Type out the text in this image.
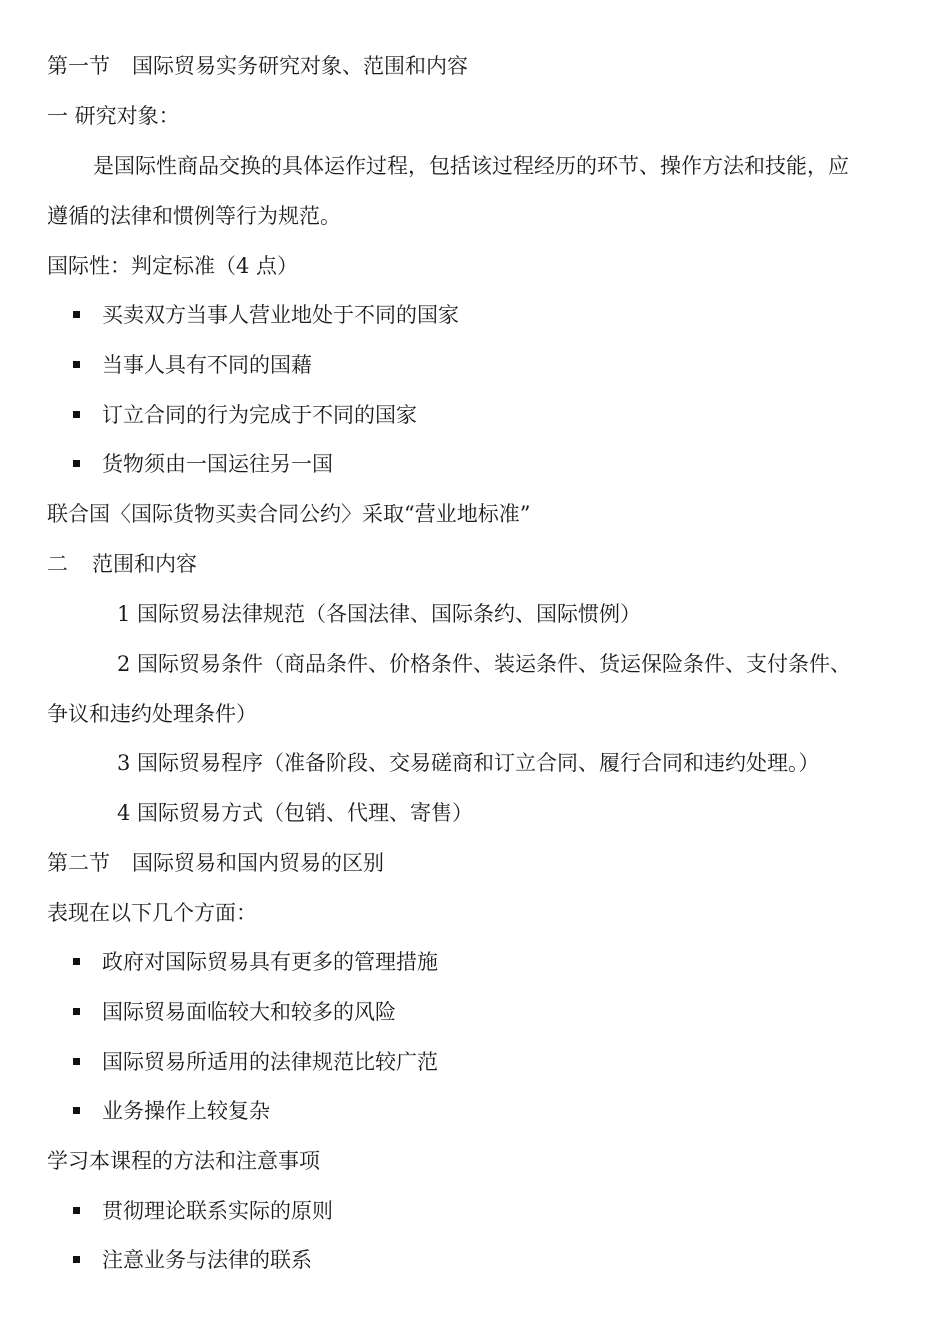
第一节 国际贸易实务研究对象、范围和内容
一 研究对象：
是国际性商品交换的具体运作过程，包括该过程经历的环节、操作方法和技能，应
遵循的法律和惯例等行为规范。
国际性：判定标准（4 点）
买卖双方当事人营业地处于不同的国家
当事人具有不同的国藉
订立合同的行为完成于不同的国家
货物须由一国运往另一国
联合国〈国际货物买卖合同公约〉采取“营业地标准”
二 范围和内容
1 国际贸易法律规范（各国法律、国际条约、国际惯例）
2 国际贸易条件（商品条件、价格条件、装运条件、货运保险条件、支付条件、
争议和违约处理条件）
3 国际贸易程序（准备阶段、交易磋商和订立合同、履行合同和违约处理。）
4 国际贸易方式（包销、代理、寄售）
第二节 国际贸易和国内贸易的区别
表现在以下几个方面：
政府对国际贸易具有更多的管理措施
国际贸易面临较大和较多的风险
国际贸易所适用的法律规范比较广范
业务操作上较复杂
学习本课程的方法和注意事项
贯彻理论联系实际的原则
注意业务与法律的联系
